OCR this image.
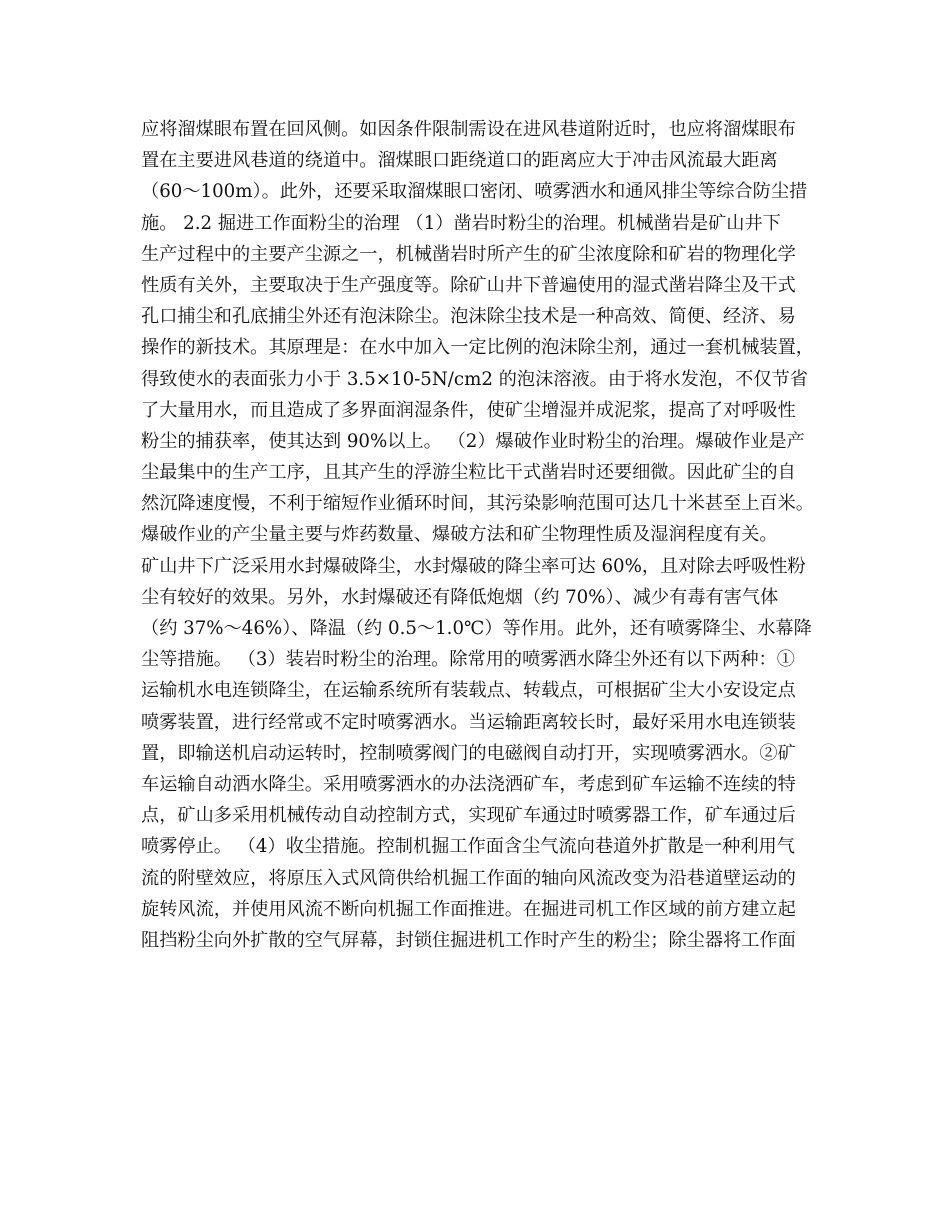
应将溜煤眼布置在回风侧。如因条件限制需设在进风巷道附近时，也应将溜煤眼布
置在主要进风巷道的绕道中。溜煤眼口距绕道口的距离应大于冲击风流最大距离
（60～100m）。此外，还要采取溜煤眼口密闭、喷雾洒水和通风排尘等综合防尘措
施。 2.2 掘进工作面粉尘的治理 （1）凿岩时粉尘的治理。机械凿岩是矿山井下
生产过程中的主要产尘源之一，机械凿岩时所产生的矿尘浓度除和矿岩的物理化学
性质有关外，主要取决于生产强度等。除矿山井下普遍使用的湿式凿岩降尘及干式
孔口捕尘和孔底捕尘外还有泡沫除尘。泡沫除尘技术是一种高效、简便、经济、易
操作的新技术。其原理是：在水中加入一定比例的泡沫除尘剂，通过一套机械装置，
得致使水的表面张力小于 3.5×10-5N/cm2 的泡沫溶液。由于将水发泡，不仅节省
了大量用水，而且造成了多界面润湿条件，使矿尘增湿并成泥浆，提高了对呼吸性
粉尘的捕获率，使其达到 90%以上。 （2）爆破作业时粉尘的治理。爆破作业是产
尘最集中的生产工序，且其产生的浮游尘粒比干式凿岩时还要细微。因此矿尘的自
然沉降速度慢，不利于缩短作业循环时间，其污染影响范围可达几十米甚至上百米。
爆破作业的产尘量主要与炸药数量、爆破方法和矿尘物理性质及湿润程度有关。
矿山井下广泛采用水封爆破降尘，水封爆破的降尘率可达 60%，且对除去呼吸性粉
尘有较好的效果。另外，水封爆破还有降低炮烟（约 70%）、减少有毒有害气体
（约 37%～46%）、降温（约 0.5～1.0℃）等作用。此外，还有喷雾降尘、水幕降
尘等措施。 （3）装岩时粉尘的治理。除常用的喷雾洒水降尘外还有以下两种：①
运输机水电连锁降尘，在运输系统所有装载点、转载点，可根据矿尘大小安设定点
喷雾装置，进行经常或不定时喷雾洒水。当运输距离较长时，最好采用水电连锁装
置，即输送机启动运转时，控制喷雾阀门的电磁阀自动打开，实现喷雾洒水。②矿
车运输自动洒水降尘。采用喷雾洒水的办法浇洒矿车，考虑到矿车运输不连续的特
点，矿山多采用机械传动自动控制方式，实现矿车通过时喷雾器工作，矿车通过后
喷雾停止。 （4）收尘措施。控制机掘工作面含尘气流向巷道外扩散是一种利用气
流的附壁效应，将原压入式风筒供给机掘工作面的轴向风流改变为沿巷道壁运动的
旋转风流，并使用风流不断向机掘工作面推进。在掘进司机工作区域的前方建立起
阻挡粉尘向外扩散的空气屏幕，封锁住掘进机工作时产生的粉尘；除尘器将工作面
